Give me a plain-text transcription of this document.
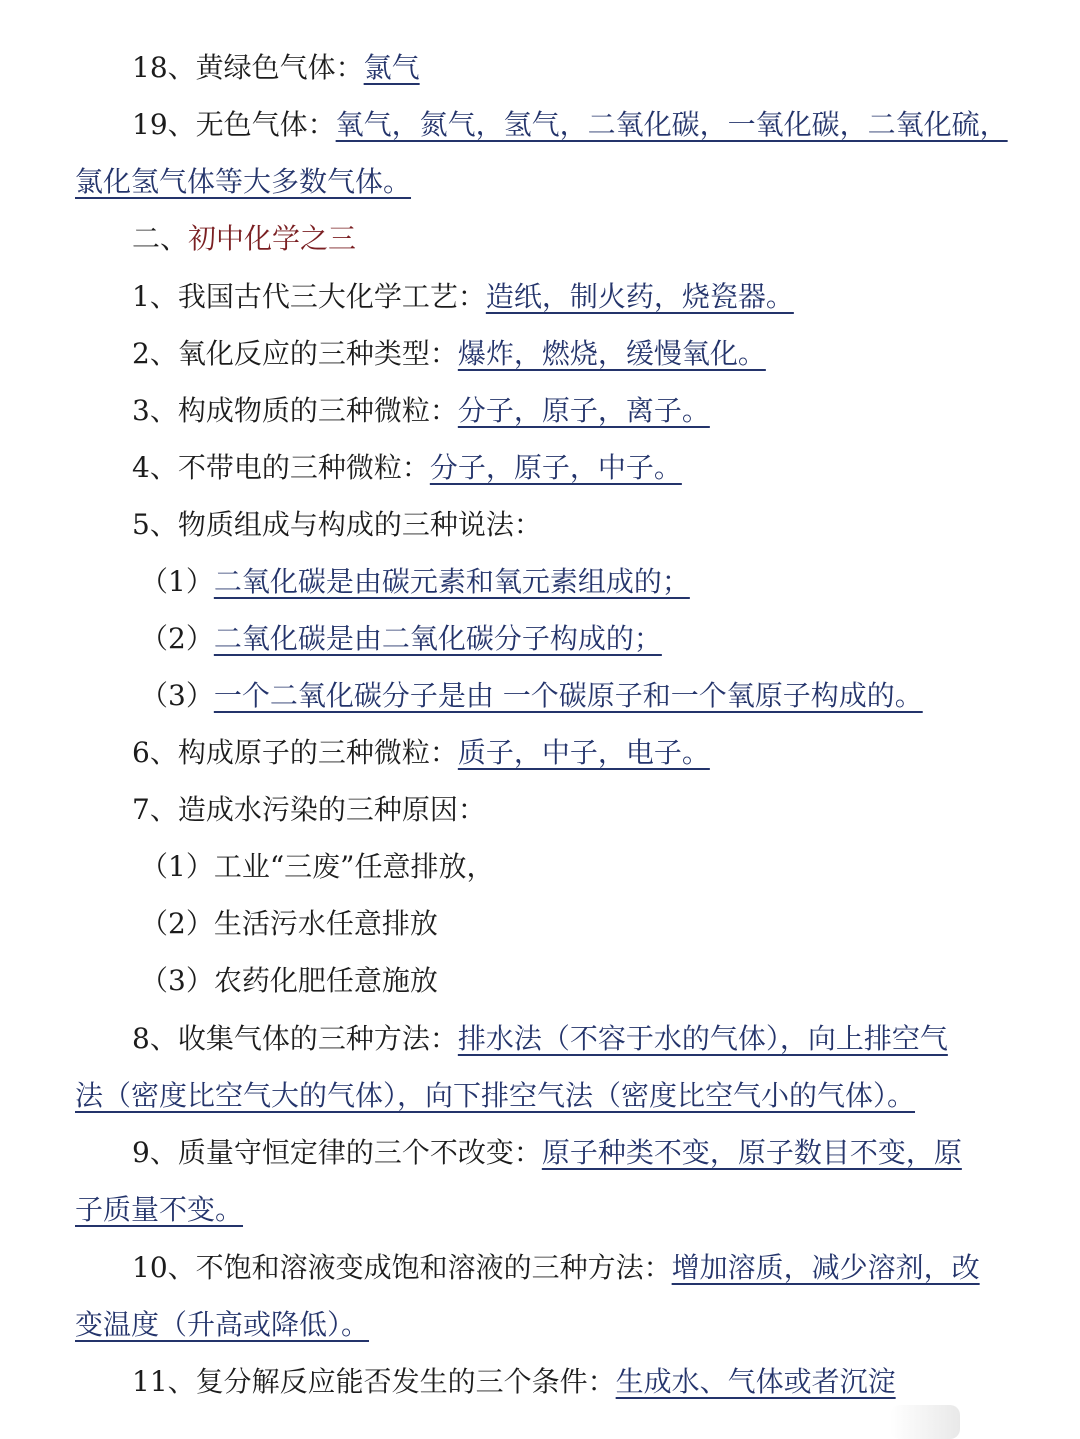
18、黄绿色气体：氯气
19、无色气体：氧气，氮气，氢气，二氧化碳，一氧化碳，二氧化硫，
氯化氢气体等大多数气体。
二、初中化学之三
1、我国古代三大化学工艺：造纸，制火药，烧瓷器。
2、氧化反应的三种类型：爆炸，燃烧，缓慢氧化。
3、构成物质的三种微粒：分子，原子，离子。
4、不带电的三种微粒：分子，原子，中子。
5、物质组成与构成的三种说法：
（1）二氧化碳是由碳元素和氧元素组成的；
（2）二氧化碳是由二氧化碳分子构成的；
（3）一个二氧化碳分子是由 一个碳原子和一个氧原子构成的。
6、构成原子的三种微粒：质子，中子，电子。
7、造成水污染的三种原因：
（1）工业“三废”任意排放，
（2）生活污水任意排放
（3）农药化肥任意施放
8、收集气体的三种方法：排水法（不容于水的气体），向上排空气
法（密度比空气大的气体），向下排空气法（密度比空气小的气体）。
9、质量守恒定律的三个不改变：原子种类不变，原子数目不变，原
子质量不变。
10、不饱和溶液变成饱和溶液的三种方法：增加溶质，减少溶剂，改
变温度（升高或降低）。
11、复分解反应能否发生的三个条件：生成水、气体或者沉淀
